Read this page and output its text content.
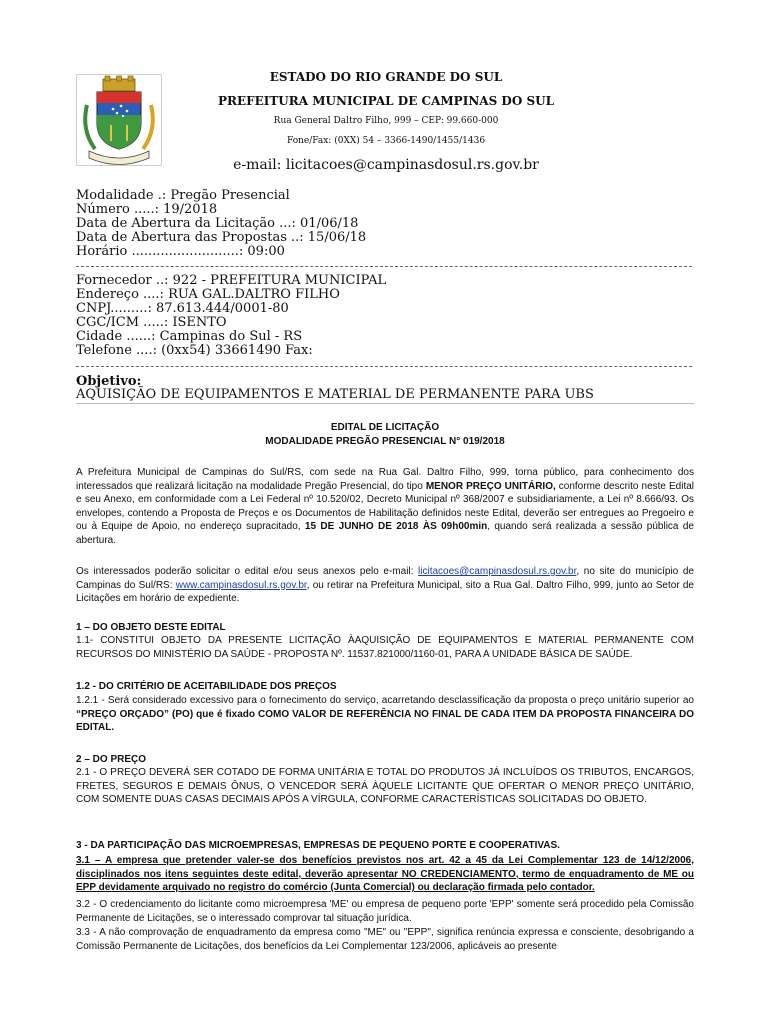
ESTADO DO RIO GRANDE DO SUL
PREFEITURA MUNICIPAL DE CAMPINAS DO SUL
Rua General Daltro Filho, 999 – CEP: 99.660-000
Fone/Fax: (0XX) 54 – 3366-1490/1455/1436
e-mail: licitacoes@campinasdosul.rs.gov.br
Modalidade .: Pregão Presencial
Número .....: 19/2018
Data de Abertura da Licitação ...: 01/06/18
Data de Abertura das Propostas ..: 15/06/18
Horário ..........................: 09:00
Fornecedor ..: 922 - PREFEITURA MUNICIPAL
Endereço ....: RUA GAL.DALTRO FILHO
CNPJ.........: 87.613.444/0001-80
CGC/ICM .....: ISENTO
Cidade ......: Campinas do Sul - RS
Telefone ....: (0xx54) 33661490 Fax:
Objetivo:
AQUISIÇÃO DE EQUIPAMENTOS E MATERIAL DE PERMANENTE PARA UBS
EDITAL DE LICITAÇÃO
MODALIDADE PREGÃO PRESENCIAL N° 019/2018
A Prefeitura Municipal de Campinas do Sul/RS, com sede na Rua Gal. Daltro Filho, 999, torna público, para conhecimento dos interessados que realizará licitação na modalidade Pregão Presencial, do tipo MENOR PREÇO UNITÁRIO, conforme descrito neste Edital e seu Anexo, em conformidade com a Lei Federal nº 10.520/02, Decreto Municipal nº 368/2007 e subsidiariamente, a Lei nº 8.666/93. Os envelopes, contendo a Proposta de Preços e os Documentos de Habilitação definidos neste Edital, deverão ser entregues ao Pregoeiro e ou à Equipe de Apoio, no endereço supracitado, 15 DE JUNHO DE 2018 ÀS 09h00min, quando será realizada a sessão pública de abertura.
Os interessados poderão solicitar o edital e/ou seus anexos pelo e-mail: licitacoes@campinasdosul.rs.gov.br, no site do município de Campinas do Sul/RS: www.campinasdosul.rs.gov.br, ou retirar na Prefeitura Municipal, sito a Rua Gal. Daltro Filho, 999, junto ao Setor de Licitações em horário de expediente.
1 – DO OBJETO DESTE EDITAL
1.1- CONSTITUI OBJETO DA PRESENTE LICITAÇÃO ÀAQUISIÇÃO DE EQUIPAMENTOS E MATERIAL PERMANENTE COM RECURSOS DO MINISTÉRIO DA SAÚDE - PROPOSTA Nº. 11537.821000/1160-01, PARA A UNIDADE BÁSICA DE SAÚDE.
1.2 - DO CRITÉRIO DE ACEITABILIDADE DOS PREÇOS
1.2.1 - Será considerado excessivo para o fornecimento do serviço, acarretando desclassificação da proposta o preço unitário superior ao “PREÇO ORÇADO” (PO) que é fixado COMO VALOR DE REFERÊNCIA NO FINAL DE CADA ITEM DA PROPOSTA FINANCEIRA DO EDITAL.
2 – DO PREÇO
2.1 - O PREÇO DEVERÁ SER COTADO DE FORMA UNITÁRIA E TOTAL DO PRODUTOS JÁ INCLUÍDOS OS TRIBUTOS, ENCARGOS, FRETES, SEGUROS E DEMAIS ÔNUS, O VENCEDOR SERÁ ÀQUELE LICITANTE QUE OFERTAR O MENOR PREÇO UNITÁRIO, COM SOMENTE DUAS CASAS DECIMAIS APÓS A VÍRGULA, CONFORME CARACTERÍSTICAS SOLICITADAS DO OBJETO.
3 - DA PARTICIPAÇÃO DAS MICROEMPRESAS, EMPRESAS DE PEQUENO PORTE E COOPERATIVAS.
3.1 – A empresa que pretender valer-se dos benefícios previstos nos art. 42 a 45 da Lei Complementar 123 de 14/12/2006, disciplinados nos itens seguintes deste edital, deverão apresentar NO CREDENCIAMENTO, termo de enquadramento de ME ou EPP devidamente arquivado no registro do comércio (Junta Comercial) ou declaração firmada pelo contador.
3.2 - O credenciamento do licitante como microempresa 'ME' ou empresa de pequeno porte 'EPP' somente será procedido pela Comissão Permanente de Licitações, se o interessado comprovar tal situação jurídica.
3.3 - A não comprovação de enquadramento da empresa como "ME" ou "EPP", significa renúncia expressa e consciente, desobrigando a Comissão Permanente de Licitações, dos benefícios da Lei Complementar 123/2006, aplicáveis ao presente
